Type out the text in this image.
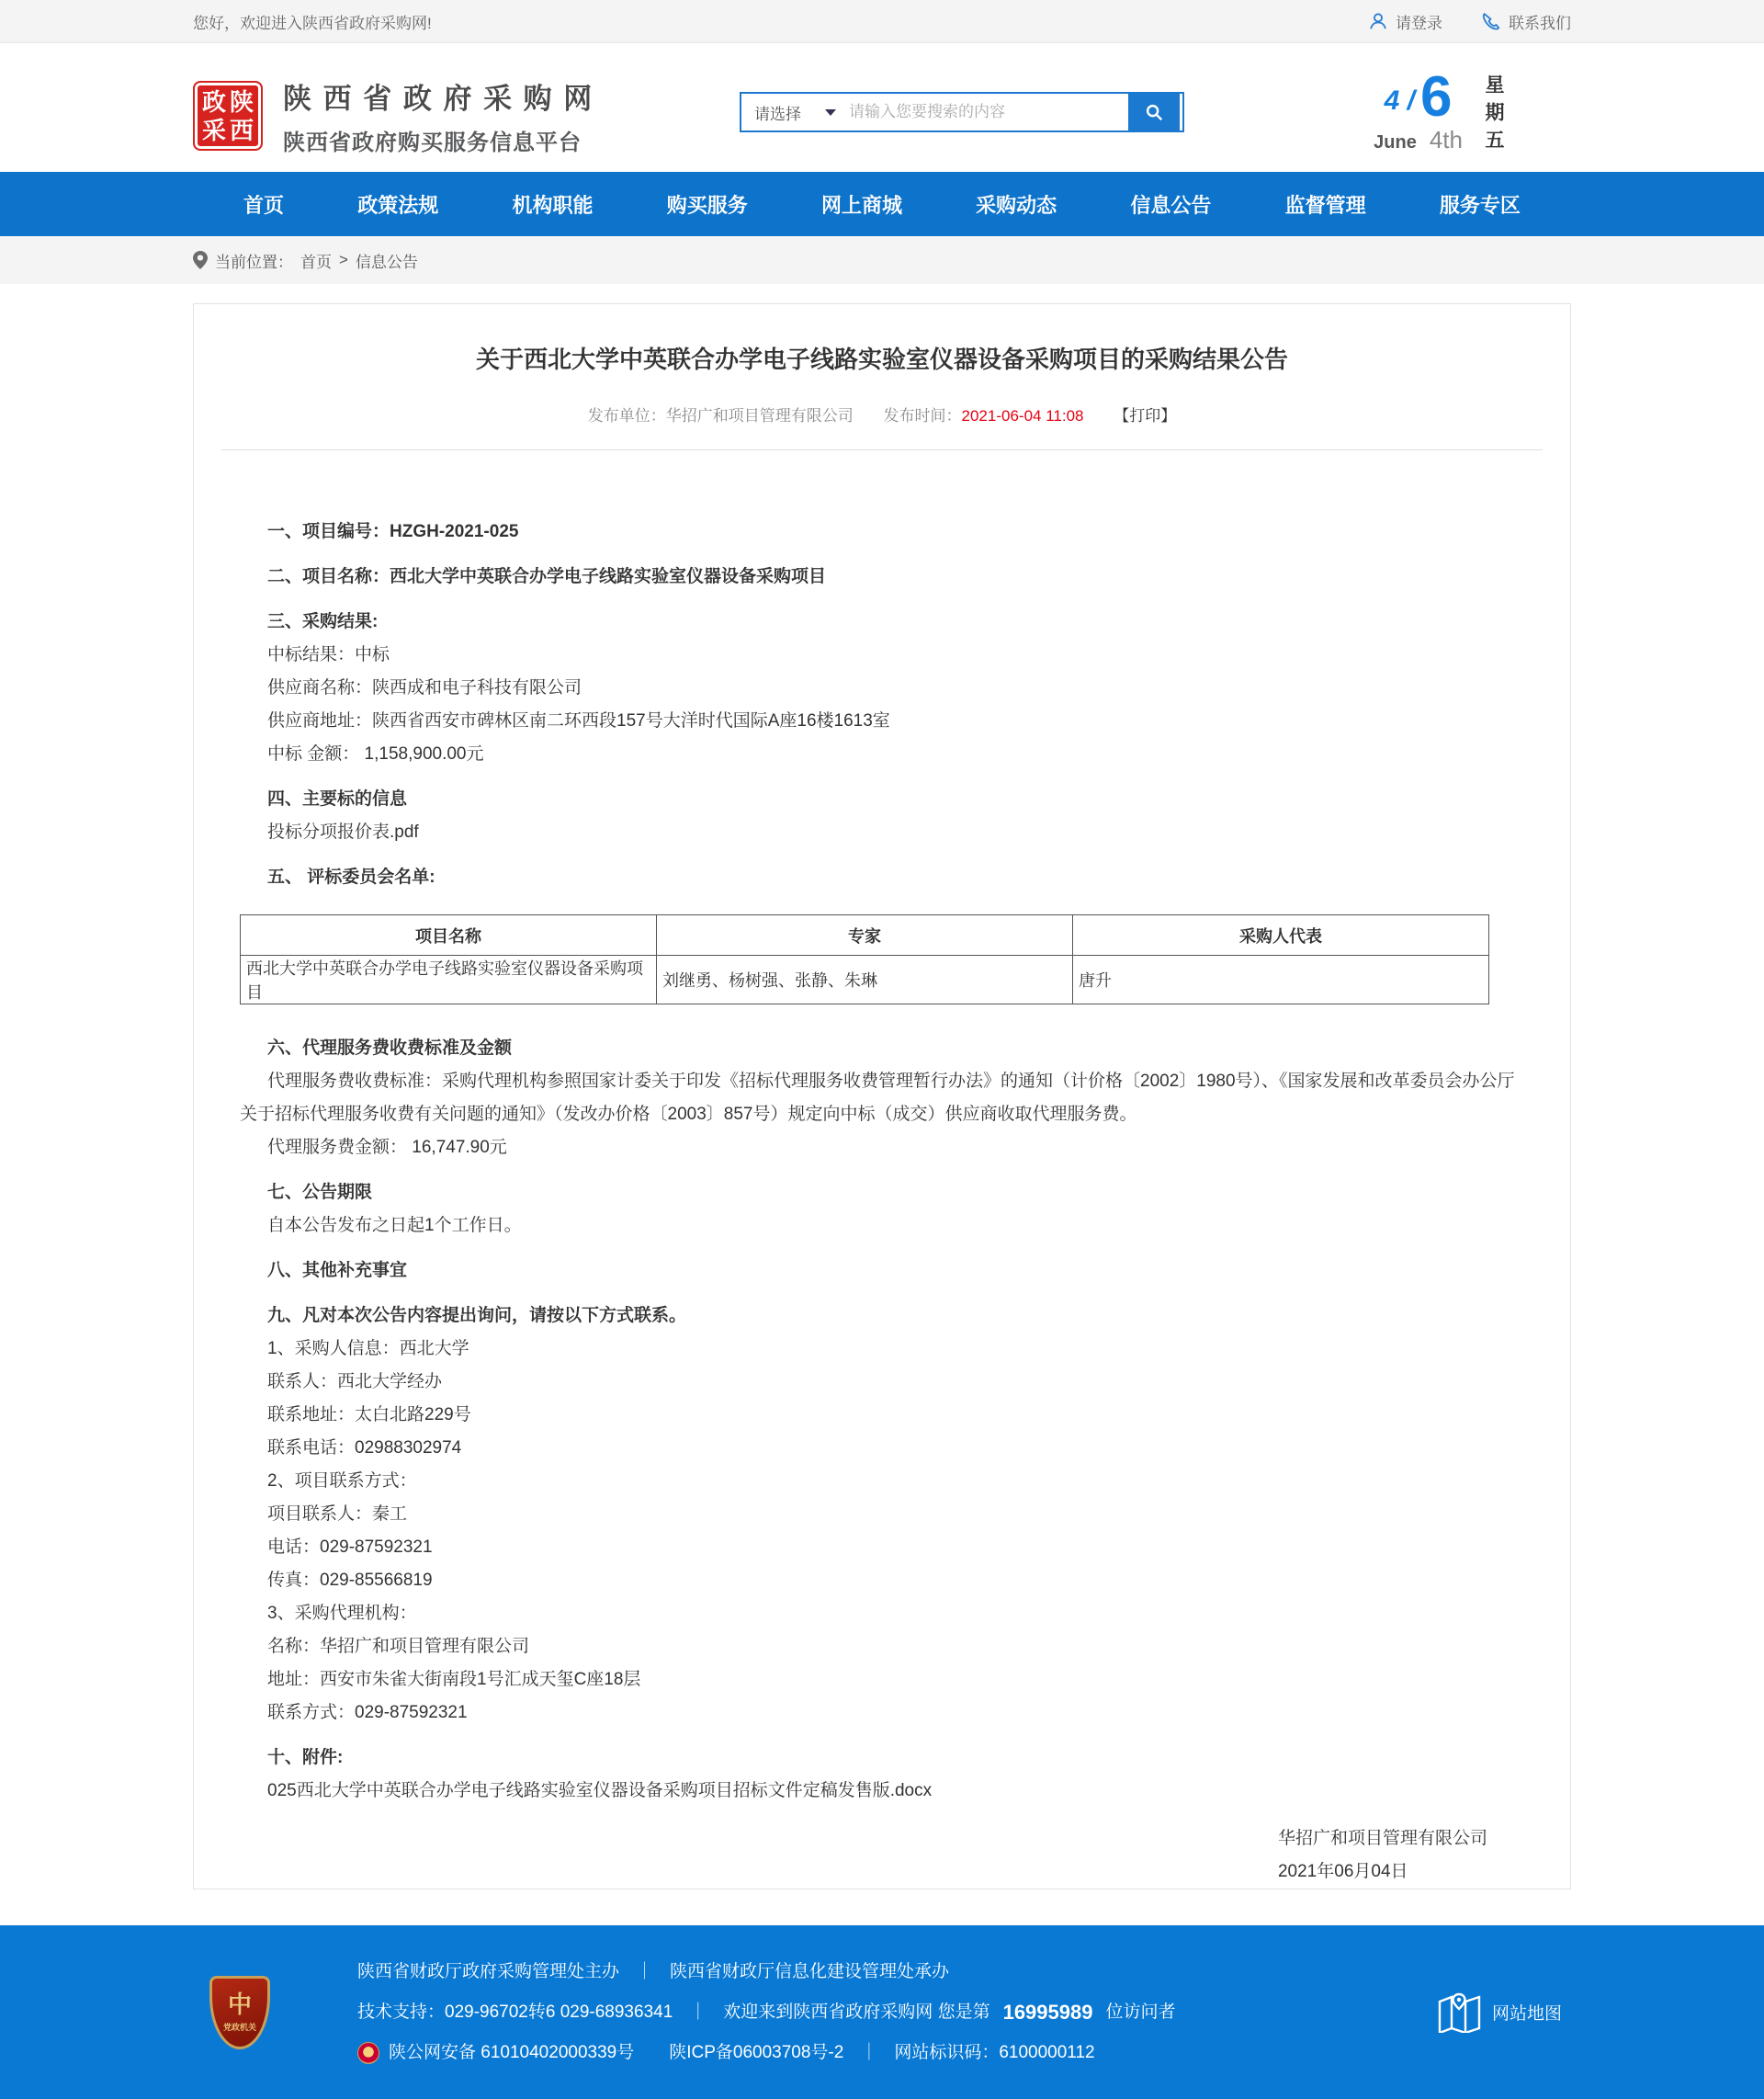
您好，欢迎进入陕西省政府采购网!	请登录	联系我们
政 陕
采 西
陕 西 省 政 府 采 购 网
陕西省政府购买服务信息平台
请选择
请输入您要搜索的内容	4 / 6
June 4th 星期五
首页	政策法规	机构职能	购买服务	网上商城	采购动态	信息公告	监督管理	服务专区
当前位置： 首页 > 信息公告
关于西北大学中英联合办学电子线路实验室仪器设备采购项目的采购结果公告
发布单位：华招广和项目管理有限公司 发布时间：2021-06-04 11:08 【打印】
一、项目编号：HZGH-2021-025
二、项目名称：西北大学中英联合办学电子线路实验室仪器设备采购项目
三、采购结果:
中标结果：中标
供应商名称：陕西成和电子科技有限公司
供应商地址：陕西省西安市碑林区南二环西段157号大洋时代国际A座16楼1613室
中标 金额： 1,158,900.00元
四、主要标的信息
投标分项报价表.pdf
五、 评标委员会名单:
项目名称	专家	采购人代表
西北大学中英联合办学电子线路实验室仪器设备采购项目	刘继勇、杨树强、张静、朱琳	唐升
六、代理服务费收费标准及金额
代理服务费收费标准：采购代理机构参照国家计委关于印发《招标代理服务收费管理暂行办法》的通知（计价格〔2002〕1980号）、《国家发展和改革委员会办公厅关于招标代理服务收费有关问题的通知》（发改办价格〔2003〕857号）规定向中标（成交）供应商收取代理服务费。
代理服务费金额： 16,747.90元
七、公告期限
自本公告发布之日起1个工作日。
八、其他补充事宜
九、凡对本次公告内容提出询问，请按以下方式联系。
1、采购人信息：西北大学
联系人：西北大学经办
联系地址：太白北路229号
联系电话：02988302974
2、项目联系方式：
项目联系人：秦工
电话：029-87592321
传真：029-85566819
3、采购代理机构：
名称：华招广和项目管理有限公司
地址：西安市朱雀大街南段1号汇成天玺C座18层
联系方式：029-87592321
十、附件:
025西北大学中英联合办学电子线路实验室仪器设备采购项目招标文件定稿发售版.docx
华招广和项目管理有限公司
2021年06月04日
中
党政机关
陕西省财政厅政府采购管理处主办 ｜ 陕西省财政厅信息化建设管理处承办
技术支持：029-96702转6 029-68936341 ｜ 欢迎来到陕西省政府采购网 您是第 16995989 位访问者
陕公网安备 61010402000339号 陕ICP备06003708号-2 ｜ 网站标识码：6100000112
网站地图
